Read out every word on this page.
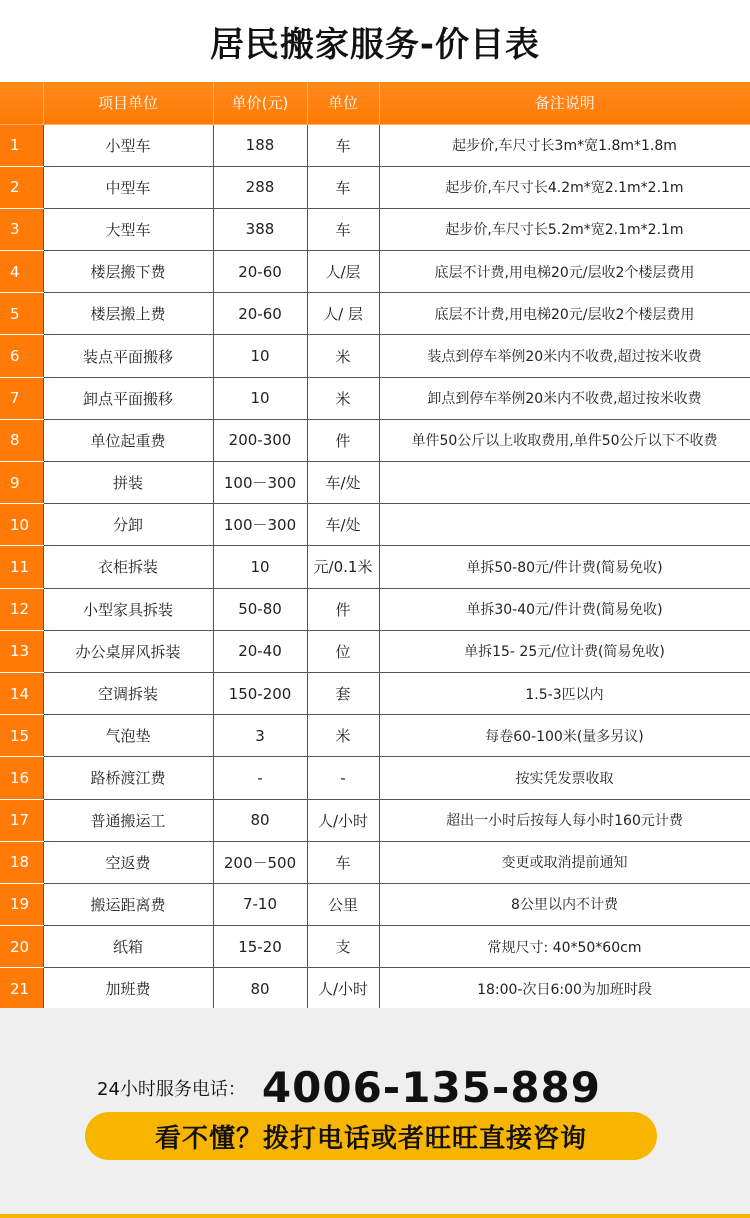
居民搬家服务-价目表
	项目单位	单价(元)	单位	备注说明
1	小型车	188	车	起步价,车尺寸长3m*宽1.8m*1.8m
2	中型车	288	车	起步价,车尺寸长4.2m*宽2.1m*2.1m
3	大型车	388	车	起步价,车尺寸长5.2m*宽2.1m*2.1m
4	楼层搬下费	20-60	人/层	底层不计费,用电梯20元/层收2个楼层费用
5	楼层搬上费	20-60	人/ 层	底层不计费,用电梯20元/层收2个楼层费用
6	装点平面搬移	10	米	装点到停车举例20米内不收费,超过按米收费
7	卸点平面搬移	10	米	卸点到停车举例20米内不收费,超过按米收费
8	单位起重费	200-300	件	单件50公斤以上收取费用,单件50公斤以下不收费
9	拼装	100－300	车/处	
10	分卸	100－300	车/处	
11	衣柜拆装	10	元/0.1米	单拆50-80元/件计费(简易免收)
12	小型家具拆装	50-80	件	单拆30-40元/件计费(简易免收)
13	办公桌屏风拆装	20-40	位	单拆15- 25元/位计费(简易免收)
14	空调拆装	150-200	套	1.5-3匹以内
15	气泡垫	3	米	每卷60-100米(量多另议)
16	路桥渡江费	-	-	按实凭发票收取
17	普通搬运工	80	人/小时	超出一小时后按每人每小时160元计费
18	空返费	200－500	车	变更或取消提前通知
19	搬运距离费	7-10	公里	8公里以内不计费
20	纸箱	15-20	支	常规尺寸: 40*50*60cm
21	加班费	80	人/小时	18:00-次日6:00为加班时段
24小时服务电话： 4006-135-889
看不懂？拨打电话或者旺旺直接咨询
